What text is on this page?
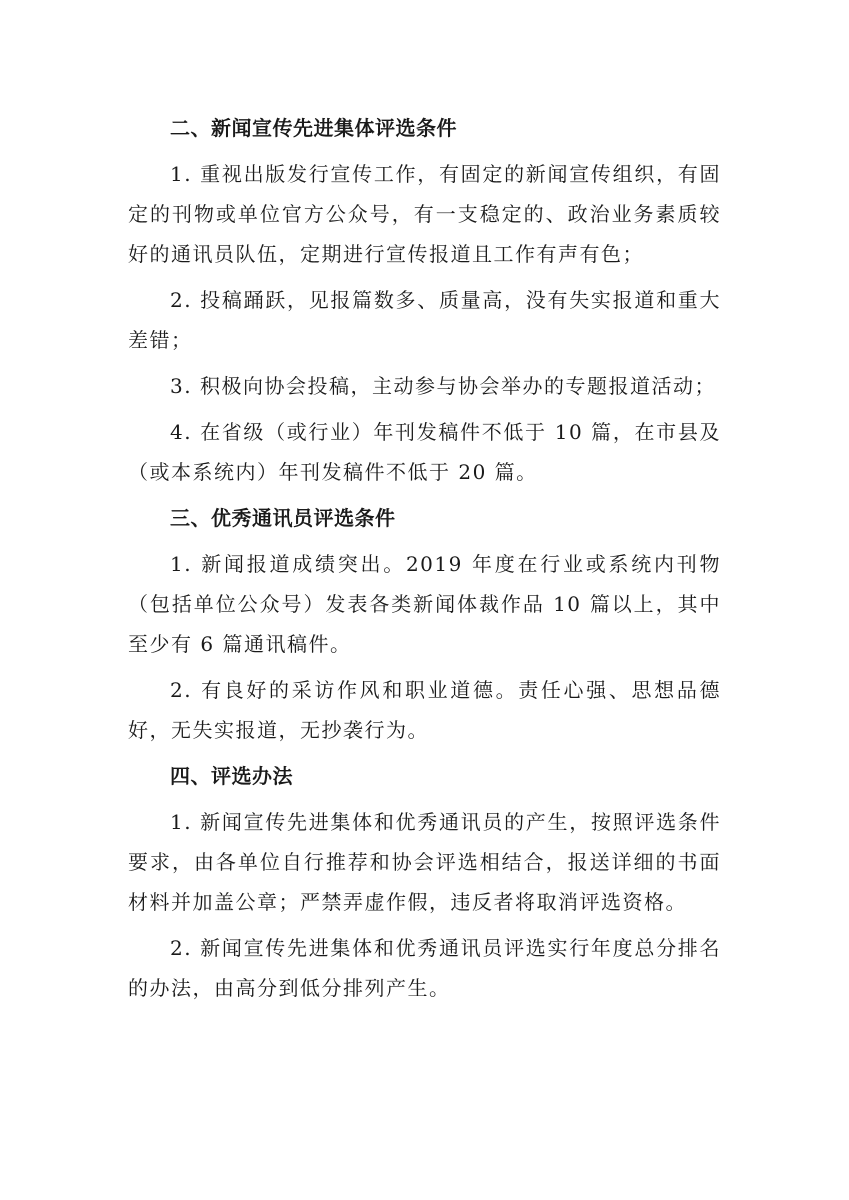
二、新闻宣传先进集体评选条件

1. 重视出版发行宣传工作，有固定的新闻宣传组织，有固定的刊物或单位官方公众号，有一支稳定的、政治业务素质较好的通讯员队伍，定期进行宣传报道且工作有声有色；

2. 投稿踊跃，见报篇数多、质量高，没有失实报道和重大差错；

3. 积极向协会投稿，主动参与协会举办的专题报道活动；

4. 在省级（或行业）年刊发稿件不低于 10 篇，在市县及（或本系统内）年刊发稿件不低于 20 篇。

三、优秀通讯员评选条件

1. 新闻报道成绩突出。2019 年度在行业或系统内刊物（包括单位公众号）发表各类新闻体裁作品 10 篇以上，其中至少有 6 篇通讯稿件。

2. 有良好的采访作风和职业道德。责任心强、思想品德好，无失实报道，无抄袭行为。

四、评选办法

1. 新闻宣传先进集体和优秀通讯员的产生，按照评选条件要求，由各单位自行推荐和协会评选相结合，报送详细的书面材料并加盖公章；严禁弄虚作假，违反者将取消评选资格。

2. 新闻宣传先进集体和优秀通讯员评选实行年度总分排名的办法，由高分到低分排列产生。
